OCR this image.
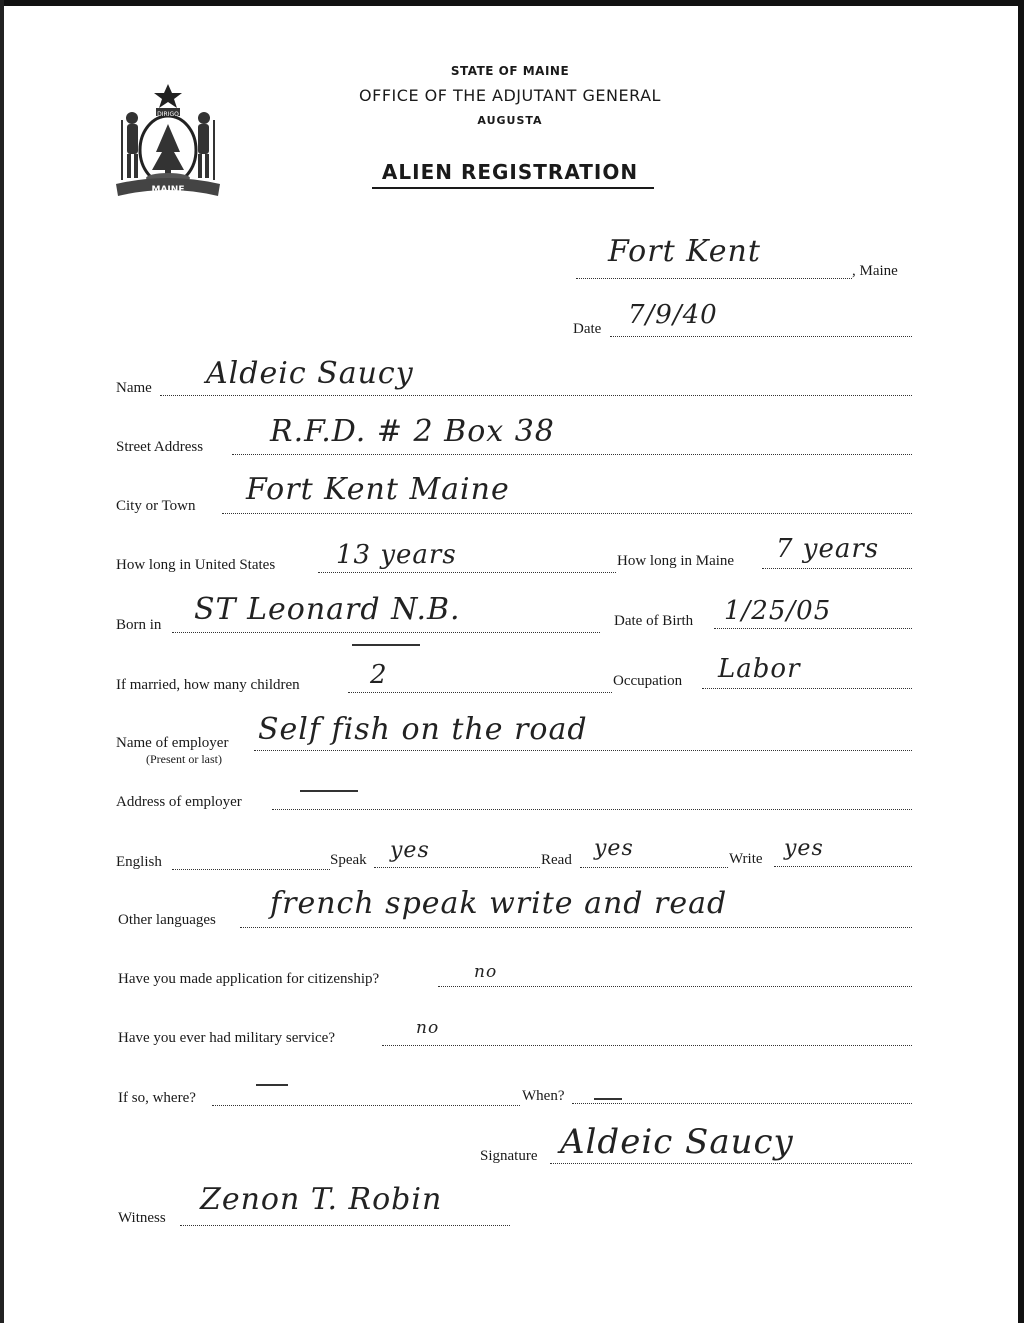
MAINE
DIRIGO
STATE OF MAINE
OFFICE OF THE ADJUTANT GENERAL
AUGUSTA
ALIEN REGISTRATION
Fort Kent
, Maine
Date 7/9/40
Name Aldeic Saucy
Street Address R.F.D. # 2 Box 38
City or Town Fort Kent Maine
How long in United States 13 years	How long in Maine 7 years
Born in ST Leonard N.B.	Date of Birth 1/25/05
If married, how many children	2	Occupation Labor
Name of employer
(Present or last)
Self fish on the road
Address of employer
English	Speak yes	Read yes	Write yes
Other languages french speak write and read
Have you made application for citizenship?	no
Have you ever had military service?	no
If so, where?	When?
Signature Aldeic Saucy
Witness
Zenon T. Robin
